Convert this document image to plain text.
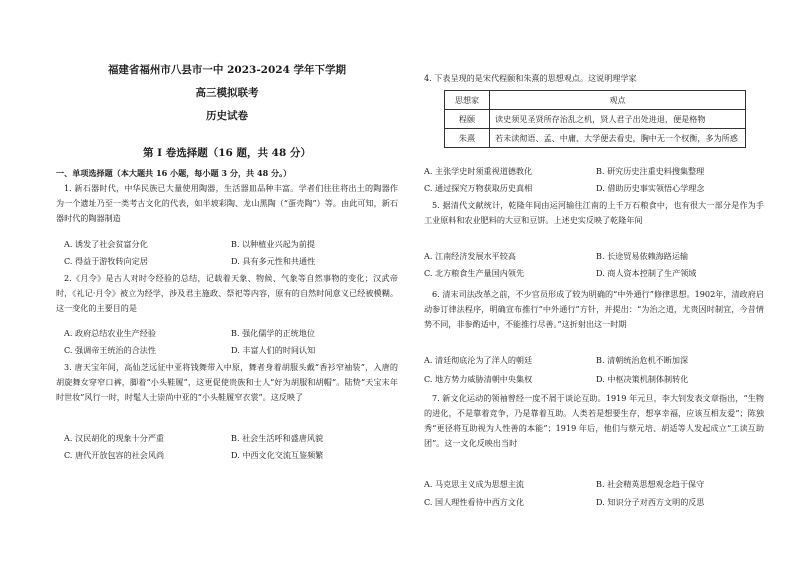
福建省福州市八县市一中 2023-2024 学年下学期
高三模拟联考
历史试卷
第 I 卷选择题（16 题，共 48 分）
一、单项选择题（本大题共 16 小题，每小题 3 分，共 48 分。）
1. 新石器时代，中华民族已大量使用陶器，生活器皿品种丰富。学者们往往将出土的陶器作为一个遗址乃至一类考古文化的代表，如半坡彩陶、龙山黑陶（“蛋壳陶”）等。由此可知，新石器时代的陶器制造
A. 诱发了社会贫富分化	B. 以种植业兴起为前提
C. 得益于游牧转向定居	D. 具有多元性和共通性
2.《月令》是古人对时令经验的总结，记载着天象、物候、气象等自然事物的变化；汉武帝时，《礼记·月令》被立为经学，涉及君主施政、祭祀等内容，原有的自然时间意义已经被模糊。这一变化的主要目的是
A. 政府总结农业生产经验	B. 强化儒学的正统地位
C. 强调帝王统治的合法性	D. 丰富人们的时间认知
3. 唐天宝年间，高仙芝远征中亚将钱舞带入中原，舞者身着胡服头戴“香衫窄袖装”，入唐的胡旋舞女穿窄口裤，脚着“小头鞋履”，这更促使贵族和士人“好为胡服和胡帽”。陆贽“天宝末年时世妆”风行一时，时髦人士崇尚中亚的“小头鞋履窄衣裳”。这反映了
A. 汉民胡化的现象十分严重	B. 社会生活呼和盛唐风貌
C. 唐代开放包容的社会风尚	D. 中西文化交流互鉴频繁
4. 下表呈现的是宋代程颐和朱熹的思想观点。这说明理学家
思想家	观点
程颐	读史须见圣贤所存治乱之机，贤人君子出处进退，便是格物
朱熹	若未读彻语、孟、中庸、大学便去看史，胸中无一个权衡，多为所惑
A. 主张学史时须重视道德教化	B. 研究历史注重史料搜集整理
C. 通过探究万物获取历史真相	D. 借助历史事实领悟心学理念
5. 据清代文献统计，乾隆年间由运河输往江南的上千万石粮食中，也有很大一部分是作为手工业原料和农业肥料的大豆和豆饼。上述史实反映了乾隆年间
A. 江南经济发展水平较高	B. 长途贸易依赖海路运输
C. 北方粮食生产量国内领先	D. 商人资本控制了生产领域
6. 清末司法改革之前，不少官员形成了较为明确的“中外通行”修律思想。1902年，清政府启动参订律法程序，明确宣布推行“中外通行”方针，并提出：“为治之道，尤贵因时制宜，今昔情势不同，非参酌适中，不能推行尽善。”这折射出这一时期
A. 清廷彻底沦为了洋人的朝廷	B. 清朝统治危机不断加深
C. 地方势力威胁清朝中央集权	D. 中枢决策机制体制转化
7. 新文化运动的领袖曾经一度不屑于谈论互助。1919 年元旦，李大钊发表文章指出，“生物的进化，不是靠着竞争，乃是靠着互助。人类若是想要生存，想享幸福，应该互相友爱”；陈独秀“更径将互助视为人性善的本能”；1919 年后，他们与蔡元培、胡适等人发起成立“工读互助团”。这一文化反映出当时
A. 马克思主义成为思想主流	B. 社会精英思想观念趋于保守
C. 国人理性看待中西方文化	D. 知识分子对西方文明的反思
